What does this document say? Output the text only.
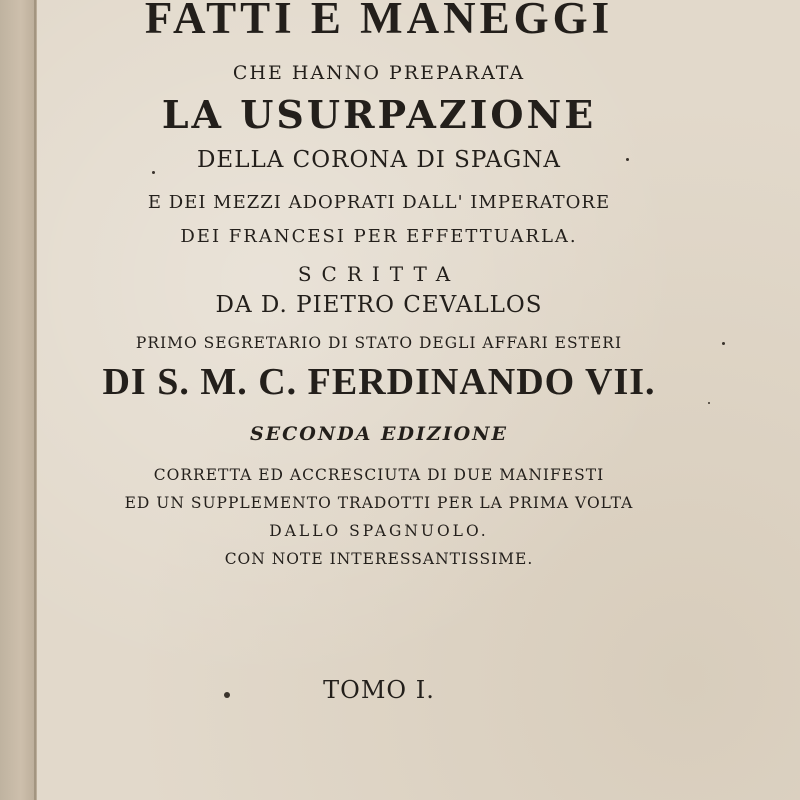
FATTI E MANEGGI

CHE HANNO PREPARATA

LA USURPAZIONE

DELLA CORONA DI SPAGNA

E DEI MEZZI ADOPRATI DALL' IMPERATORE

DEI FRANCESI PER EFFETTUARLA.

SCRITTA

DA D. PIETRO CEVALLOS

PRIMO SEGRETARIO DI STATO DEGLI AFFARI ESTERI

DI S. M. C. FERDINANDO VII.

SECONDA EDIZIONE

CORRETTA ED ACCRESCIUTA DI DUE MANIFESTI

ED UN SUPPLEMENTO TRADOTTI PER LA PRIMA VOLTA

DALLO SPAGNUOLO.

CON NOTE INTERESSANTISSIME.

TOMO I.
